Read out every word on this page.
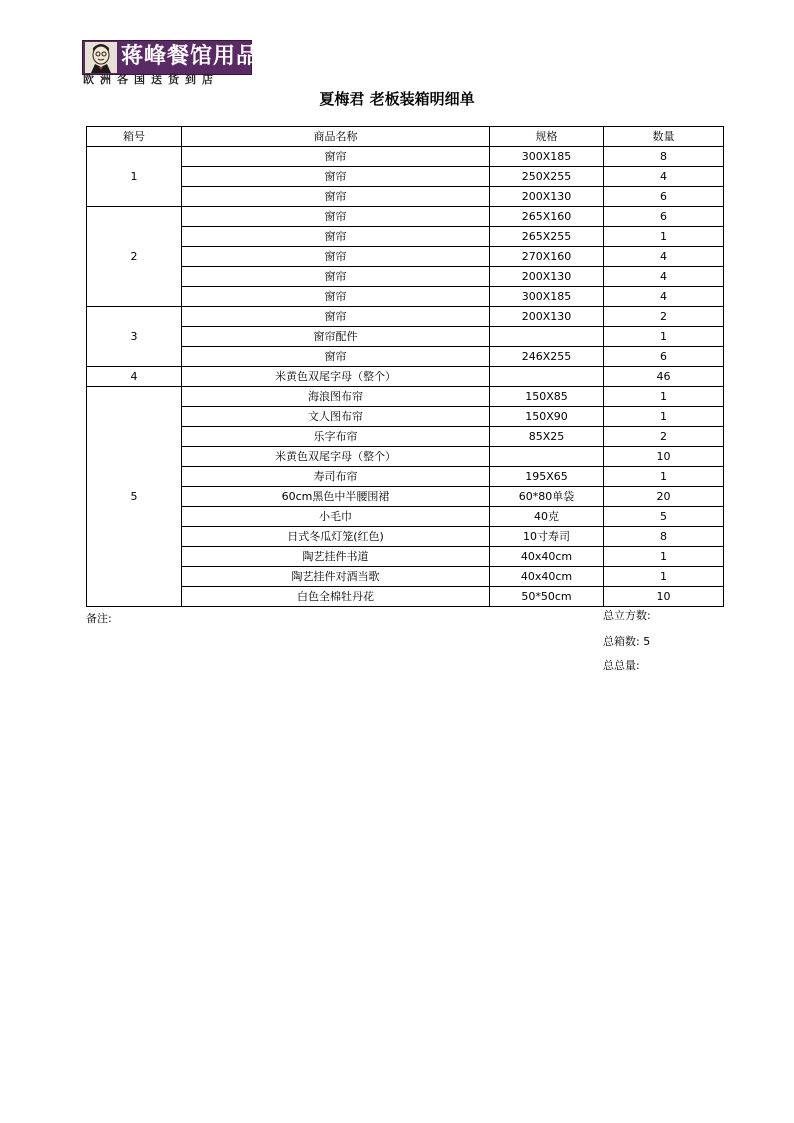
蒋峰餐馆用品
欧洲各国送货到店
夏梅君 老板装箱明细单
箱号	商品名称	规格	数量
1	窗帘	300X185	8
	窗帘	250X255	4
	窗帘	200X130	6
2	窗帘	265X160	6
	窗帘	265X255	1
	窗帘	270X160	4
	窗帘	200X130	4
	窗帘	300X185	4
3	窗帘	200X130	2
	窗帘配件		1
	窗帘	246X255	6
4	米黄色双尾字母（整个）		46
5	海浪图布帘	150X85	1
	文人图布帘	150X90	1
	乐字布帘	85X25	2
	米黄色双尾字母（整个）		10
	寿司布帘	195X65	1
	60cm黑色中半腰围裙	60*80单袋	20
	小毛巾	40克	5
	日式冬瓜灯笼(红色)	10寸寿司	8
	陶艺挂件书道	40x40cm	1
	陶艺挂件对酒当歌	40x40cm	1
	白色全棉牡丹花	50*50cm	10
备注:	总立方数:
总箱数: 5
总总量:
